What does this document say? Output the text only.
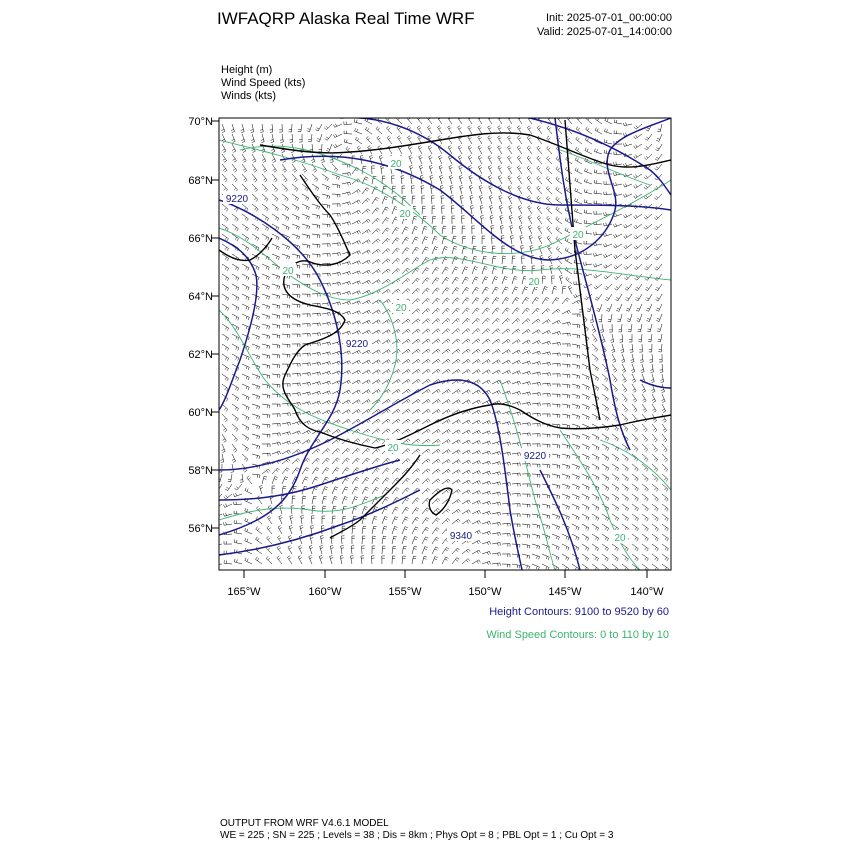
IWFAQRP Alaska Real Time WRF	Init: 2025-07-01_00:00:00
Valid: 2025-07-01_14:00:00
Height (m)
Wind Speed (kts)
Winds (kts)
70°N
68°N
66°N
64°N
62°N
60°N
58°N
56°N
165°W	160°W	155°W	150°W	145°W	140°W
9220
9220
9220
9340
20
20
20
20
20
20
20
20
Height Contours: 9100 to 9520 by 60
Wind Speed Contours: 0 to 110 by 10
OUTPUT FROM WRF V4.6.1 MODEL
WE = 225 ; SN = 225 ; Levels = 38 ; Dis = 8km ; Phys Opt = 8 ; PBL Opt = 1 ; Cu Opt = 3
